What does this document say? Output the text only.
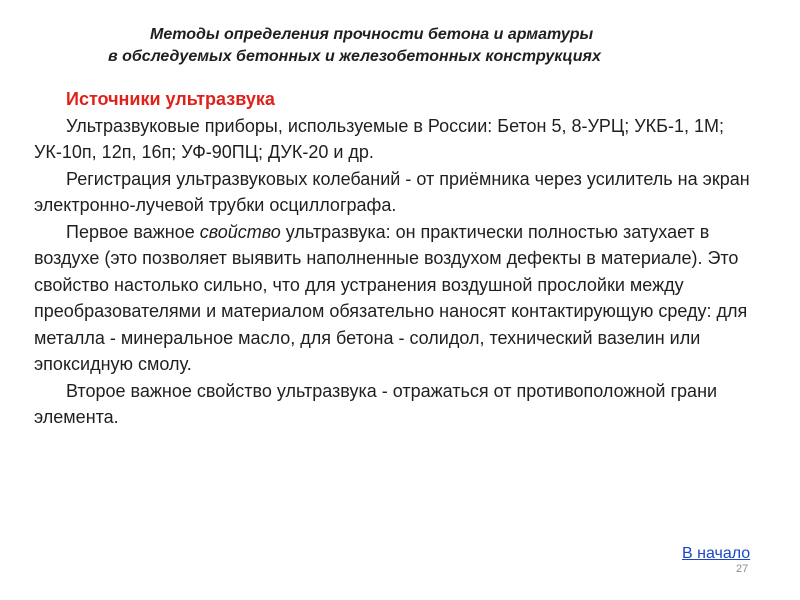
Методы определения прочности бетона и арматуры
в обследуемых бетонных и железобетонных конструкциях

Источники ультразвука

Ультразвуковые приборы, используемые в России: Бетон 5, 8-УРЦ; УКБ-1, 1М; УК-10п, 12п, 16п; УФ-90ПЦ; ДУК-20 и др.

Регистрация ультразвуковых колебаний - от приёмника через усилитель на экран электронно-лучевой трубки осциллографа.

Первое важное свойство ультразвука: он практически полностью затухает в воздухе (это позволяет выявить наполненные воздухом дефекты в материале). Это свойство настолько сильно, что для устранения воздушной прослойки между преобразователями и материалом обязательно наносят контактирующую среду: для металла - минеральное масло, для бетона - солидол, технический вазелин или эпоксидную смолу.

Второе важное свойство ультразвука - отражаться от противоположной грани элемента.

В начало
27
